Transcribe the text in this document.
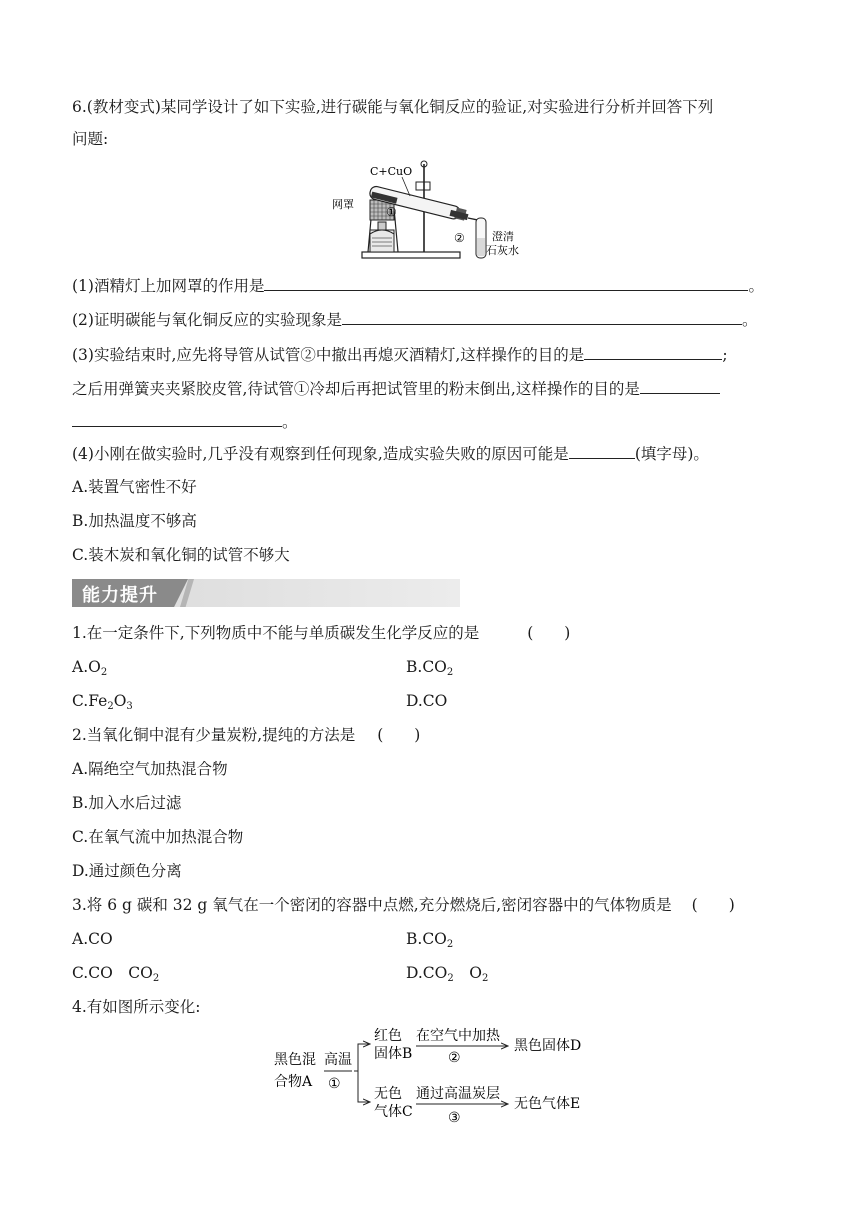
6.(教材变式)某同学设计了如下实验,进行碳能与氧化铜反应的验证,对实验进行分析并回答下列
问题:
C+CuO
网罩
①
② 澄清
石灰水
(1)酒精灯上加网罩的作用是	。
(2)证明碳能与氧化铜反应的实验现象是	。
(3)实验结束时,应先将导管从试管②中撤出再熄灭酒精灯,这样操作的目的是	;
之后用弹簧夹夹紧胶皮管,待试管①冷却后再把试管里的粉末倒出,这样操作的目的是
。
(4)小刚在做实验时,几乎没有观察到任何现象,造成实验失败的原因可能是	(填字母)。
A.装置气密性不好
B.加热温度不够高
C.装木炭和氧化铜的试管不够大
能力提升
1.在一定条件下,下列物质中不能与单质碳发生化学反应的是	(　　)
$A.O_2$	$B.CO_2$
$C.Fe_2O_3$	D.CO
2.当氧化铜中混有少量炭粉,提纯的方法是 (　　)
A.隔绝空气加热混合物
B.加入水后过滤
C.在氧气流中加热混合物
D.通过颜色分离
3.将 6 g 碳和 32 g 氧气在一个密闭的容器中点燃,充分燃烧后,密闭容器中的气体物质是 (　　)
A.CO	$B.CO_2$
C.CO　$CO_2$	$D.CO_2$　$O_2$
4.有如图所示变化:
黑色混
合物A
高温
①
红色
固体B
在空气中加热
②
黑色固体D
无色
气体C
通过高温炭层
③
无色气体E
